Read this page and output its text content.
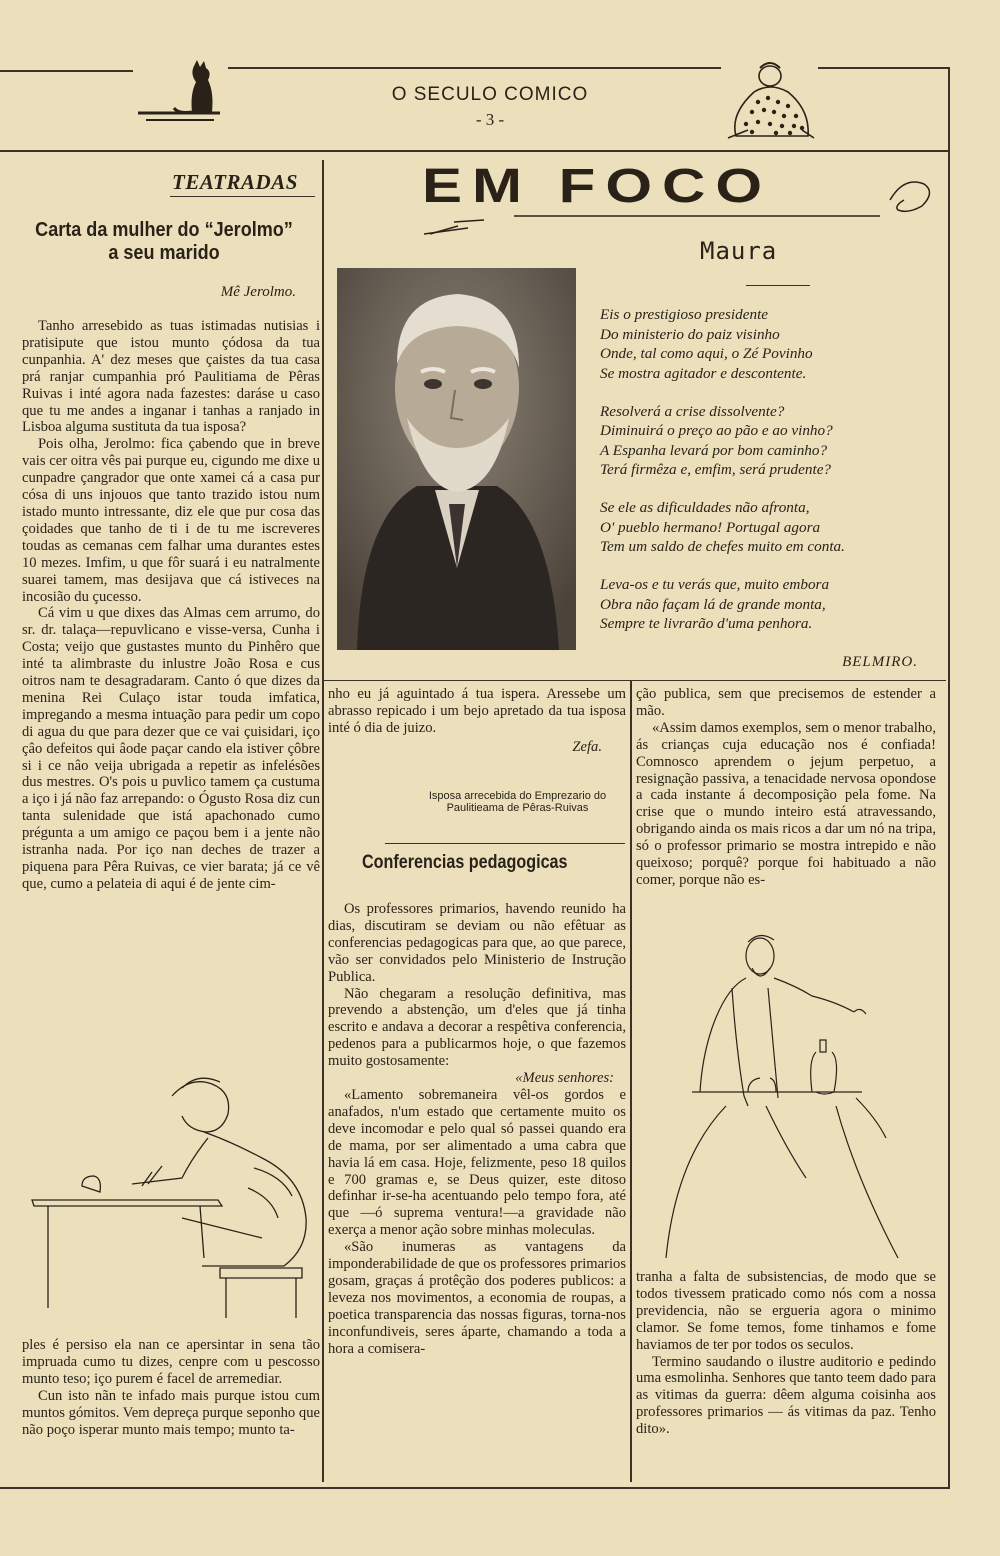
O SECULO COMICO
- 3 -
TEATRADAS
Carta da mulher do “Jerolmo”
a seu marido
Mê Jerolmo.

Tanho arresebido as tuas istimadas nutisias i pratisipute que istou munto çódosa da tua cunpanhia. A' dez meses que çaistes da tua casa prá ranjar cumpanhia pró Paulitiama de Pêras Ruivas i inté agora nada fazestes: daráse u caso que tu me andes a inganar i tanhas a ranjado in Lisboa alguma sustituta da tua isposa?

Pois olha, Jerolmo: fica çabendo que in breve vais cer oitra vês pai purque eu, cigundo me dixe u cunpadre çangrador que onte xamei cá a casa pur cósa di uns injouos que tanto trazido istou num istado munto intressante, diz ele que pur cosa das çoidades que tanho de ti i de tu me iscreveres toudas as cemanas cem falhar uma durantes estes 10 mezes. Imfim, u que fôr suará i eu natralmente suarei tamem, mas desijava que cá istiveces na incosião du çucesso.

Cá vim u que dixes das Almas cem arrumo, do sr. dr. talaça—repuvlicano e visse-versa, Cunha i Costa; veijo que gustastes munto du Pinhêro que inté ta alimbraste du inlustre João Rosa e cus oitros nam te desagradaram. Canto ó que dizes da menina Rei Culaço istar touda imfatica, impregando a mesma intuação para pedir um copo di agua du que para dezer que ce vai çuisidari, iço çâo defeitos qui âode paçar cando ela istiver çôbre si i ce nâo veija ubrigada a repetir as infelésões dus mestres. O's pois u puvlico tamem ça custuma a iço i já não faz arrepando: o Ógusto Rosa diz cun tanta sulenidade que istá apachonado cumo prégunta a um amigo ce paçou bem i a jente não istranha nada. Por iço nan deches de trazer a piquena para Pêra Ruivas, ce vier barata; já ce vê que, cumo a pelateia di aqui é de jente cim-

ples é persiso ela nan ce apersintar in sena tão impruada cumo tu dizes, cenpre com u pescosso munto teso; iço purem é facel de arremediar.

Cun isto nãn te infado mais purque istou cum muntos gómitos. Vem depreça purque seponho que não poço isperar munto mais tempo; munto ta-

EM FOCO
Maura
Eis o prestigioso presidente
Do ministerio do paiz visinho
Onde, tal como aqui, o Zé Povinho
Se mostra agitador e descontente.
Resolverá a crise dissolvente?
Diminuirá o preço ao pão e ao vinho?
A Espanha levará por bom caminho?
Terá firmêza e, emfim, será prudente?
Se ele as dificuldades não afronta,
O' pueblo hermano! Portugal agora
Tem um saldo de chefes muito em conta.
Leva-os e tu verás que, muito embora
Obra não façam lá de grande monta,
Sempre te livrarão d'uma penhora.
BELMIRO.

nho eu já aguintado á tua ispera. Aressebe um abrasso repicado i um bejo apretado da tua isposa inté ó dia de juizo.

Zefa.

Isposa arrecebida do Emprezario do Paulitieama de Pêras-Ruivas
Conferencias pedagogicas

Os professores primarios, havendo reunido ha dias, discutiram se deviam ou não efêtuar as conferencias pedagogicas para que, ao que parece, vão ser convidados pelo Ministerio de Instrução Publica.

Não chegaram a resolução definitiva, mas prevendo a abstenção, um d'eles que já tinha escrito e andava a decorar a respêtiva conferencia, pedenos para a publicarmos hoje, o que fazemos muito gostosamente:

«Meus senhores:

«Lamento sobremaneira vêl-os gordos e anafados, n'um estado que certamente muito os deve incomodar e pelo qual só passei quando era de mama, por ser alimentado a uma cabra que havia lá em casa. Hoje, felizmente, peso 18 quilos e 700 gramas e, se Deus quizer, este ditoso definhar ir-se-ha acentuando pelo tempo fora, até que —ó suprema ventura!—a gravidade não exerça a menor ação sobre minhas moleculas.

«São inumeras as vantagens da imponderabilidade de que os professores primarios gosam, graças á protêção dos poderes publicos: a leveza nos movimentos, a economia de roupas, a poetica transparencia das nossas figuras, torna-nos inconfundiveis, seres áparte, chamando a toda a hora a comisera-

ção publica, sem que precisemos de estender a mão.

«Assim damos exemplos, sem o menor trabalho, ás crianças cuja educação nos é confiada! Comnosco aprendem o jejum perpetuo, a resignação passiva, a tenacidade nervosa opondose a cada instante á decomposição pela fome. Na crise que o mundo inteiro está atravessando, obrigando ainda os mais ricos a dar um nó na tripa, só o professor primario se mostra intrepido e não queixoso; porquê? porque foi habituado a não comer, porque não es-

tranha a falta de subsistencias, de modo que se todos tivessem praticado como nós com a nossa previdencia, não se ergueria agora o minimo clamor. Se fome temos, fome tinhamos e fome haviamos de ter por todos os seculos.

Termino saudando o ilustre auditorio e pedindo uma esmolinha. Senhores que tanto teem dado para as vitimas da guerra: dêem alguma coisinha aos professores primarios — ás vitimas da paz. Tenho dito».
